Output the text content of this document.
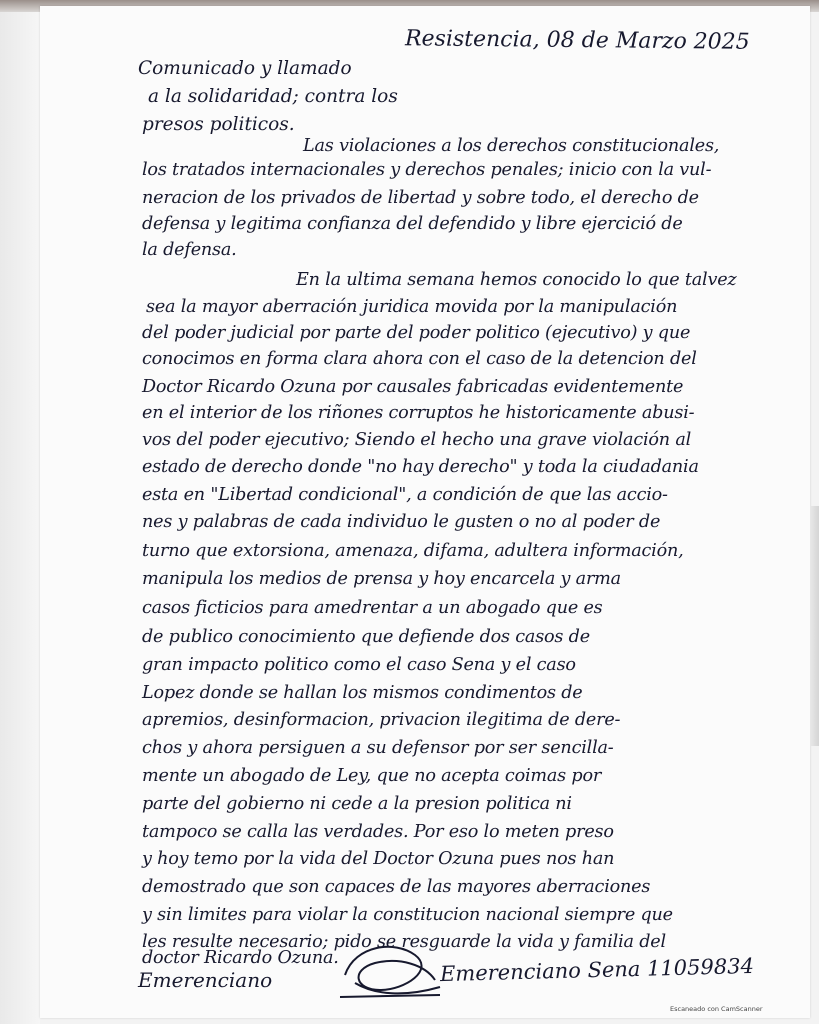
Resistencia, 08 de Marzo 2025
Comunicado y llamado
a la solidaridad; contra los
presos politicos.
Las violaciones a los derechos constitucionales,
los tratados internacionales y derechos penales; inicio con la vul-
neracion de los privados de libertad y sobre todo, el derecho de
defensa y legitima confianza del defendido y libre ejercició de
la defensa.
En la ultima semana hemos conocido lo que talvez
sea la mayor aberración juridica movida por la manipulación
del poder judicial por parte del poder politico (ejecutivo) y que
conocimos en forma clara ahora con el caso de la detencion del
Doctor Ricardo Ozuna por causales fabricadas evidentemente
en el interior de los riñones corruptos he historicamente abusi-
vos del poder ejecutivo; Siendo el hecho una grave violación al
estado de derecho donde "no hay derecho" y toda la ciudadania
esta en "Libertad condicional", a condición de que las accio-
nes y palabras de cada individuo le gusten o no al poder de
turno que extorsiona, amenaza, difama, adultera información,
manipula los medios de prensa y hoy encarcela y arma
casos ficticios para amedrentar a un abogado que es
de publico conocimiento que defiende dos casos de
gran impacto politico como el caso Sena y el caso
Lopez donde se hallan los mismos condimentos de
apremios, desinformacion, privacion ilegitima de dere-
chos y ahora persiguen a su defensor por ser sencilla-
mente un abogado de Ley, que no acepta coimas por
parte del gobierno ni cede a la presion politica ni
tampoco se calla las verdades. Por eso lo meten preso
y hoy temo por la vida del Doctor Ozuna pues nos han
demostrado que son capaces de las mayores aberraciones
y sin limites para violar la constitucion nacional siempre que
les resulte necesario; pido se resguarde la vida y familia del
doctor Ricardo Ozuna.
Emerenciano	Emerenciano Sena 11059834
Escaneado con CamScanner
